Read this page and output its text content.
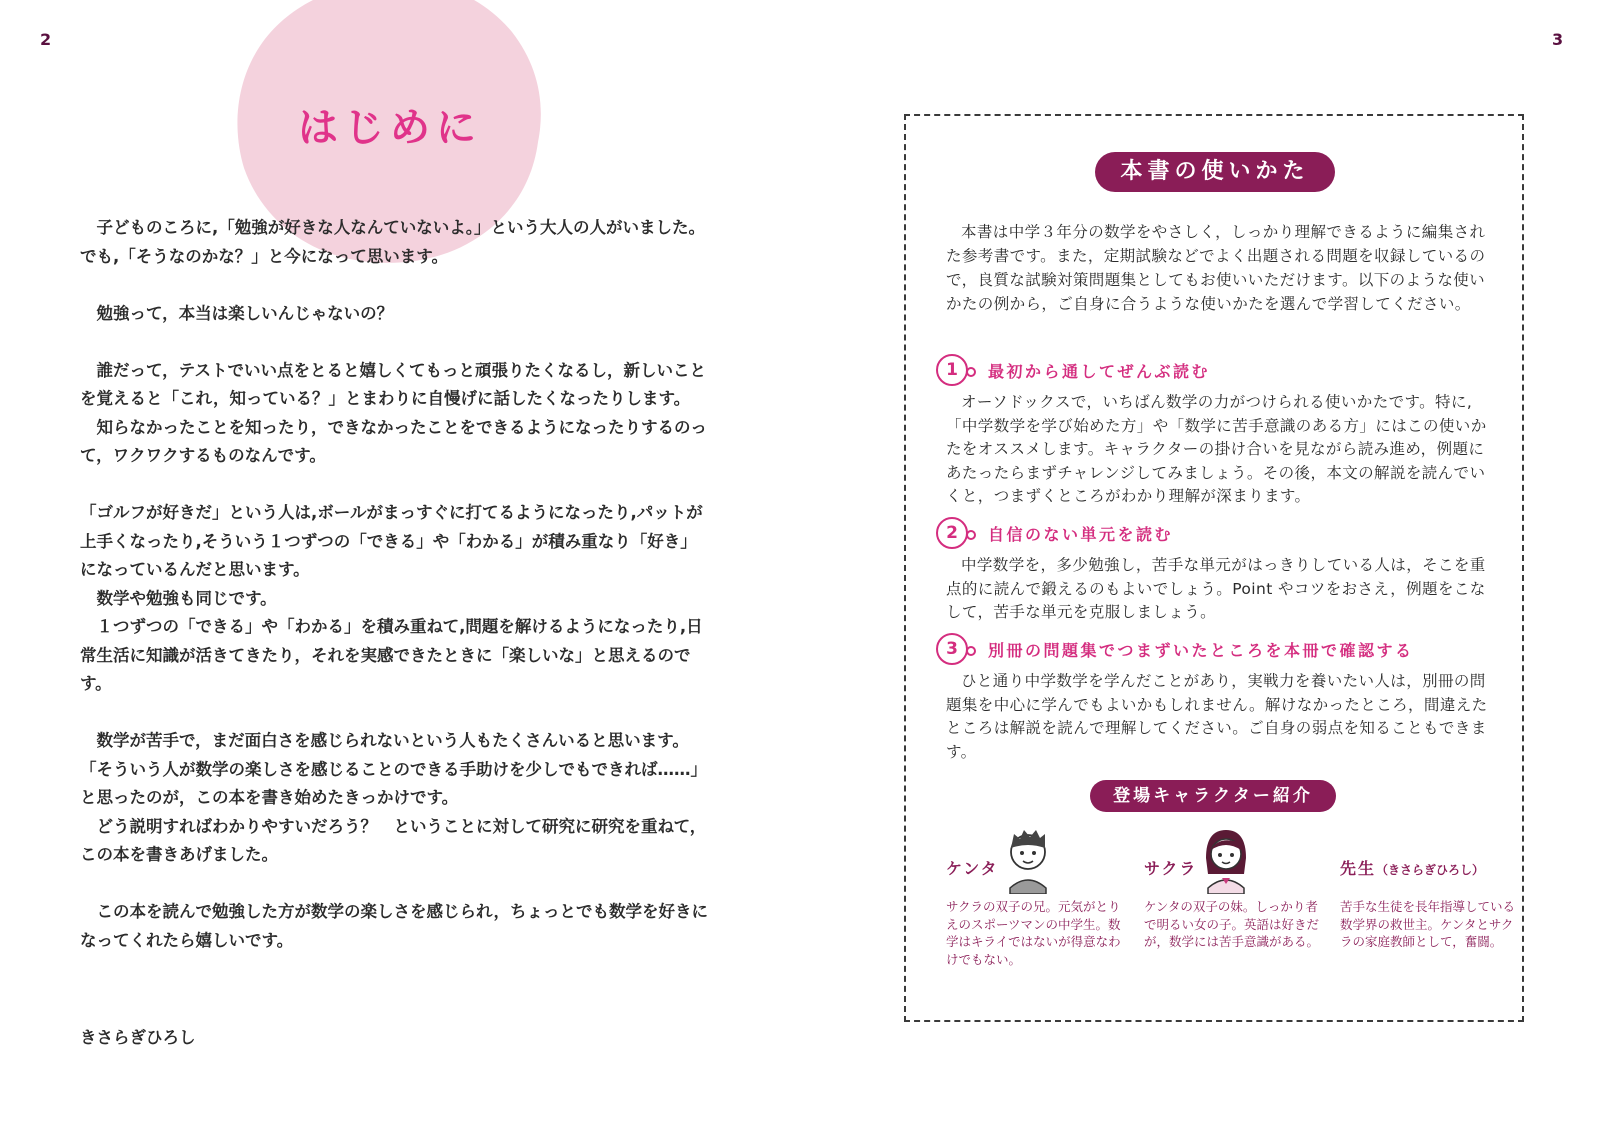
2	3
はじめに

　子どものころに,「勉強が好きな人なんていないよ。」という大人の人がいました。でも,「そうなのかな？」と今になって思います。

　勉強って，本当は楽しいんじゃないの？

　誰だって，テストでいい点をとると嬉しくてもっと頑張りたくなるし，新しいことを覚えると「これ，知っている？」とまわりに自慢げに話したくなったりします。

　知らなかったことを知ったり，できなかったことをできるようになったりするのって，ワクワクするものなんです。

「ゴルフが好きだ」という人は,ボールがまっすぐに打てるようになったり,パットが上手くなったり,そういう１つずつの「できる」や「わかる」が積み重なり「好き」になっているんだと思います。

　数学や勉強も同じです。

　１つずつの「できる」や「わかる」を積み重ねて,問題を解けるようになったり,日常生活に知識が活きてきたり，それを実感できたときに「楽しいな」と思えるのです。

　数学が苦手で，まだ面白さを感じられないという人もたくさんいると思います。「そういう人が数学の楽しさを感じることのできる手助けを少しでもできれば……」と思ったのが，この本を書き始めたきっかけです。

　どう説明すればわかりやすいだろう？　ということに対して研究に研究を重ねて，この本を書きあげました。

　この本を読んで勉強した方が数学の楽しさを感じられ，ちょっとでも数学を好きになってくれたら嬉しいです。

きさらぎひろし
本書の使いかた
本書は中学３年分の数学をやさしく，しっかり理解できるように編集された参考書です。また，定期試験などでよく出題される問題を収録しているので，良質な試験対策問題集としてもお使いいただけます。以下のような使いかたの例から，ご自身に合うような使いかたを選んで学習してください。
1	最初から通してぜんぶ読む
オーソドックスで，いちばん数学の力がつけられる使いかたです。特に,「中学数学を学び始めた方」や「数学に苦手意識のある方」にはこの使いかたをオススメします。キャラクターの掛け合いを見ながら読み進め，例題にあたったらまずチャレンジしてみましょう。その後，本文の解説を読んでいくと，つまずくところがわかり理解が深まります。
2	自信のない単元を読む
中学数学を，多少勉強し，苦手な単元がはっきりしている人は，そこを重点的に読んで鍛えるのもよいでしょう。Point やコツをおさえ，例題をこなして，苦手な単元を克服しましょう。
3	別冊の問題集でつまずいたところを本冊で確認する
ひと通り中学数学を学んだことがあり，実戦力を養いたい人は，別冊の問題集を中心に学んでもよいかもしれません。解けなかったところ，間違えたところは解説を読んで理解してください。ご自身の弱点を知ることもできます。
登場キャラクター紹介
ケンタ
サクラの双子の兄。元気がとりえのスポーツマンの中学生。数学はキライではないが得意なわけでもない。
サクラ
ケンタの双子の妹。しっかり者で明るい女の子。英語は好きだが，数学には苦手意識がある。
先生（きさらぎひろし）
苦手な生徒を長年指導している数学界の救世主。ケンタとサクラの家庭教師として，奮闘。
